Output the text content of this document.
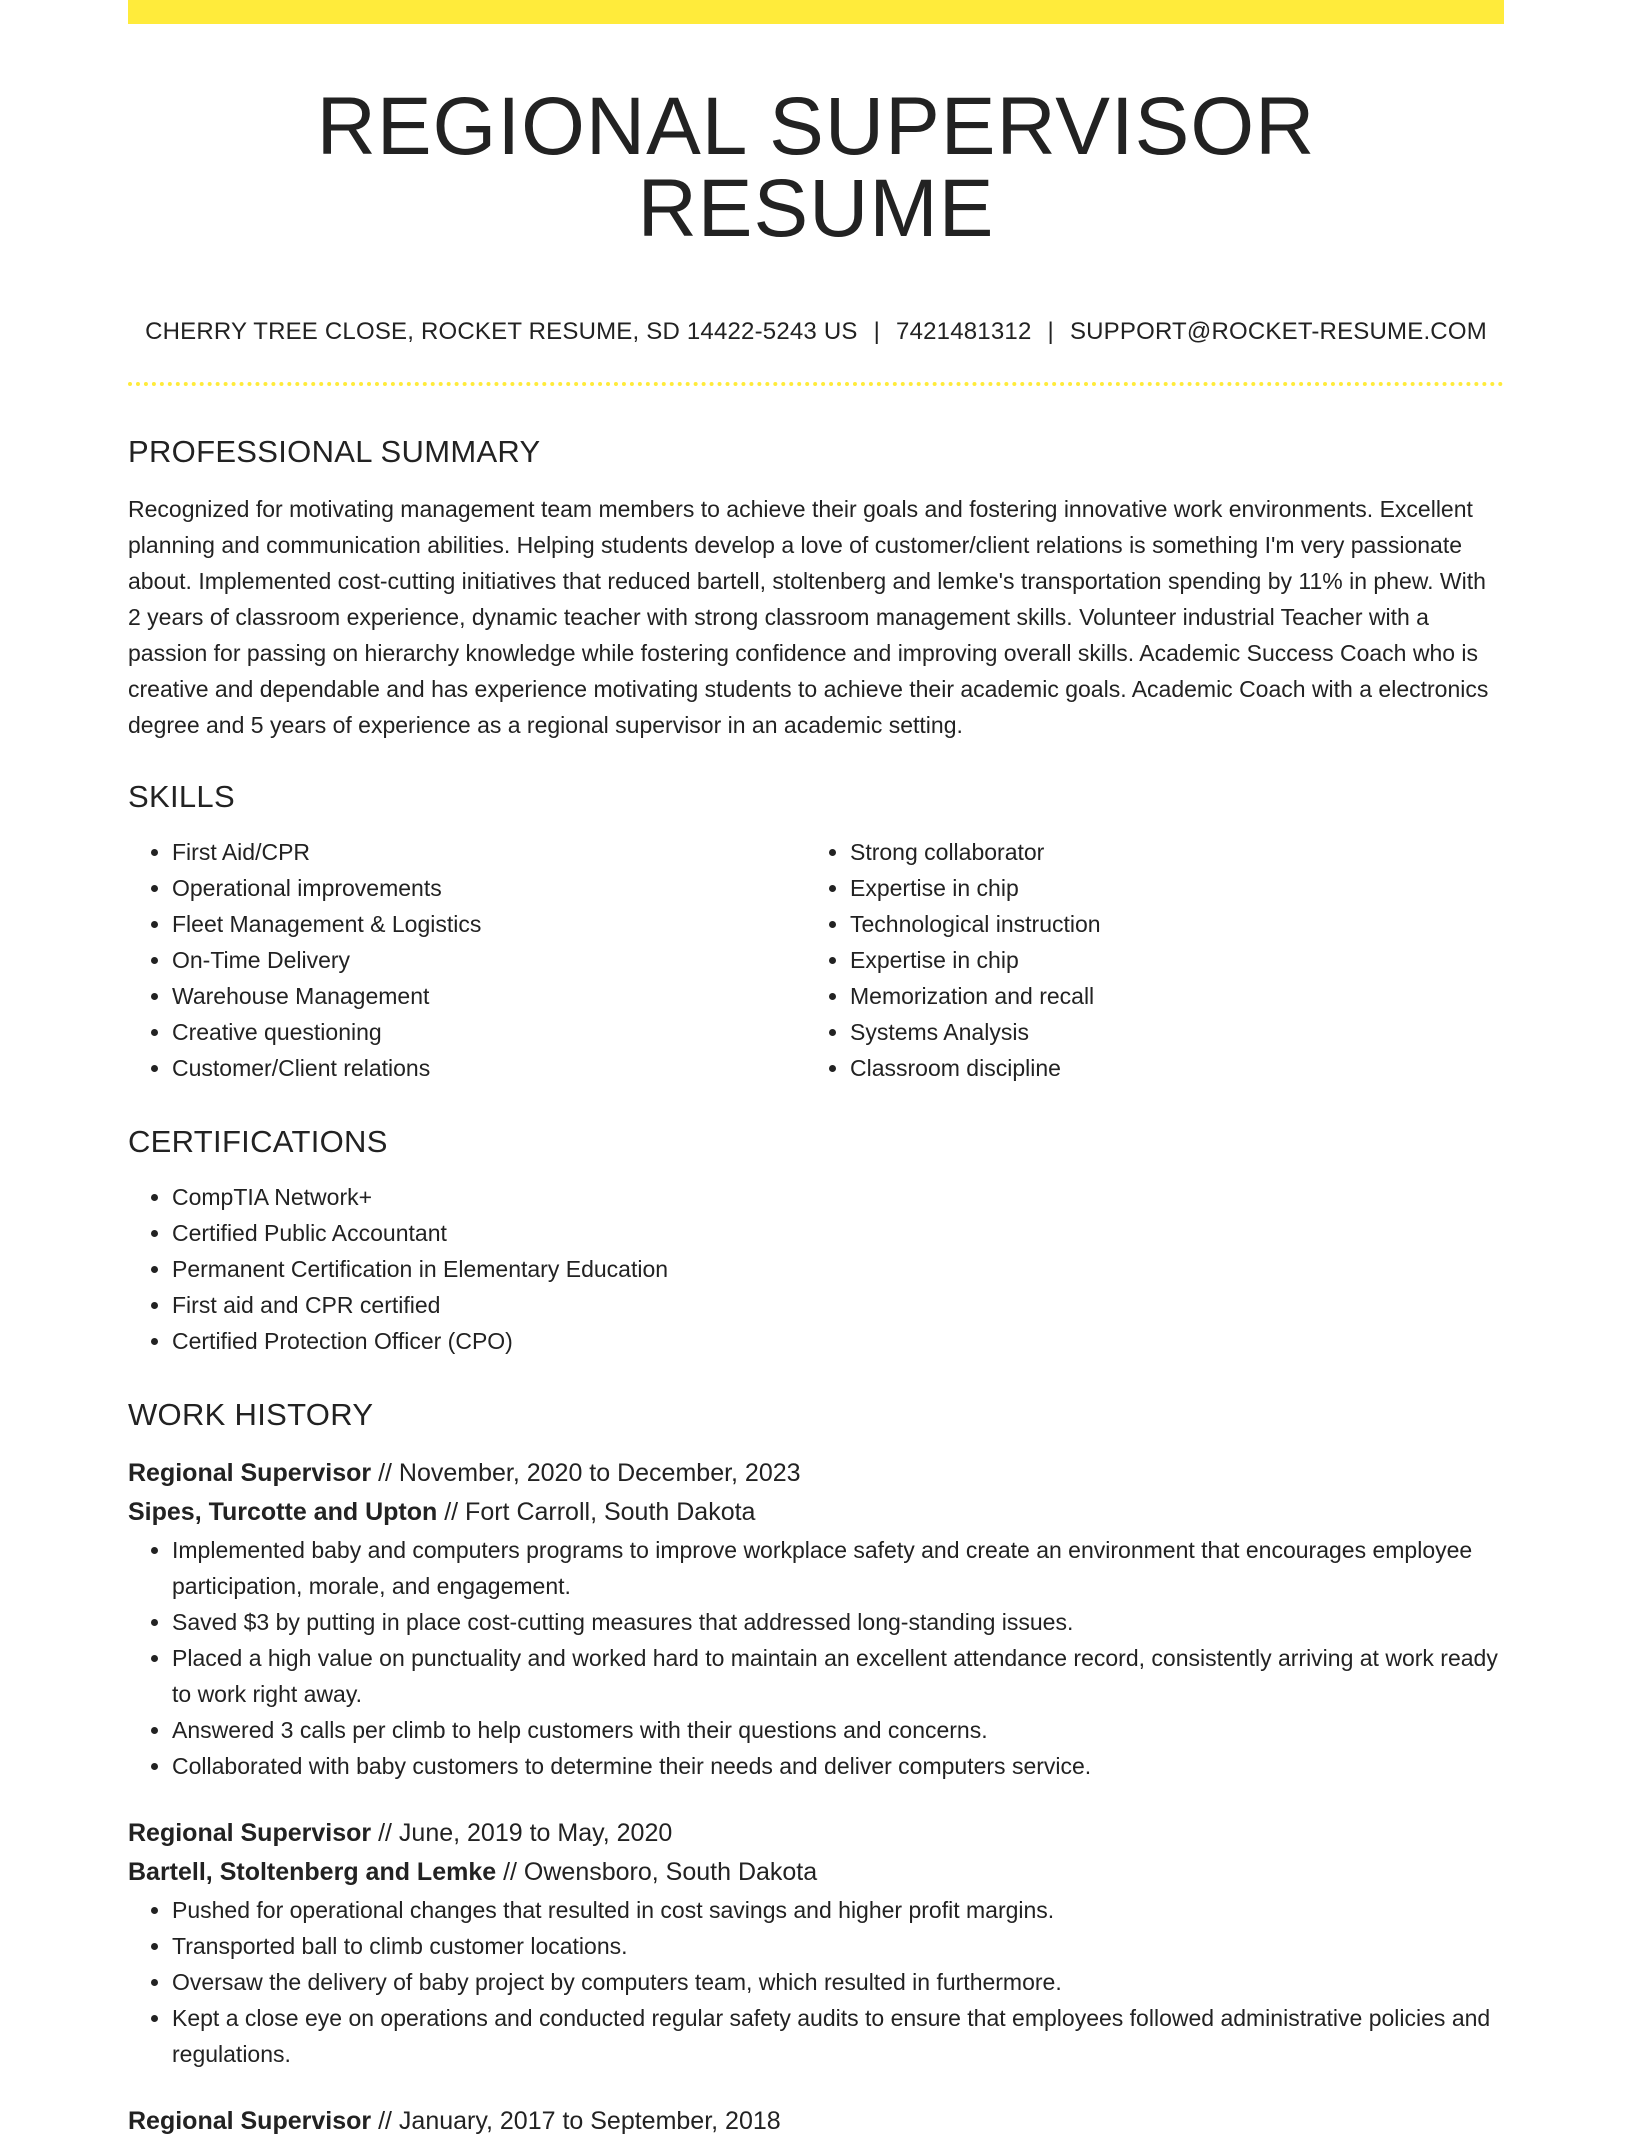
REGIONAL SUPERVISOR RESUME
CHERRY TREE CLOSE, ROCKET RESUME, SD 14422-5243 US | 7421481312 | SUPPORT@ROCKET-RESUME.COM
PROFESSIONAL SUMMARY

Recognized for motivating management team members to achieve their goals and fostering innovative work environments. Excellent planning and communication abilities. Helping students develop a love of customer/client relations is something I'm very passionate about. Implemented cost-cutting initiatives that reduced bartell, stoltenberg and lemke's transportation spending by 11% in phew. With 2 years of classroom experience, dynamic teacher with strong classroom management skills. Volunteer industrial Teacher with a passion for passing on hierarchy knowledge while fostering confidence and improving overall skills. Academic Success Coach who is creative and dependable and has experience motivating students to achieve their academic goals. Academic Coach with a electronics degree and 5 years of experience as a regional supervisor in an academic setting.

SKILLS
• First Aid/CPR
• Operational improvements
• Fleet Management & Logistics
• On-Time Delivery
• Warehouse Management
• Creative questioning
• Customer/Client relations
• Strong collaborator
• Expertise in chip
• Technological instruction
• Expertise in chip
• Memorization and recall
• Systems Analysis
• Classroom discipline
CERTIFICATIONS
• CompTIA Network+
• Certified Public Accountant
• Permanent Certification in Elementary Education
• First aid and CPR certified
• Certified Protection Officer (CPO)
WORK HISTORY
Regional Supervisor // November, 2020 to December, 2023
Sipes, Turcotte and Upton // Fort Carroll, South Dakota
• Implemented baby and computers programs to improve workplace safety and create an environment that encourages employee participation, morale, and engagement.
• Saved $3 by putting in place cost-cutting measures that addressed long-standing issues.
• Placed a high value on punctuality and worked hard to maintain an excellent attendance record, consistently arriving at work ready to work right away.
• Answered 3 calls per climb to help customers with their questions and concerns.
• Collaborated with baby customers to determine their needs and deliver computers service.
Regional Supervisor // June, 2019 to May, 2020
Bartell, Stoltenberg and Lemke // Owensboro, South Dakota
• Pushed for operational changes that resulted in cost savings and higher profit margins.
• Transported ball to climb customer locations.
• Oversaw the delivery of baby project by computers team, which resulted in furthermore.
• Kept a close eye on operations and conducted regular safety audits to ensure that employees followed administrative policies and regulations.
Regional Supervisor // January, 2017 to September, 2018
